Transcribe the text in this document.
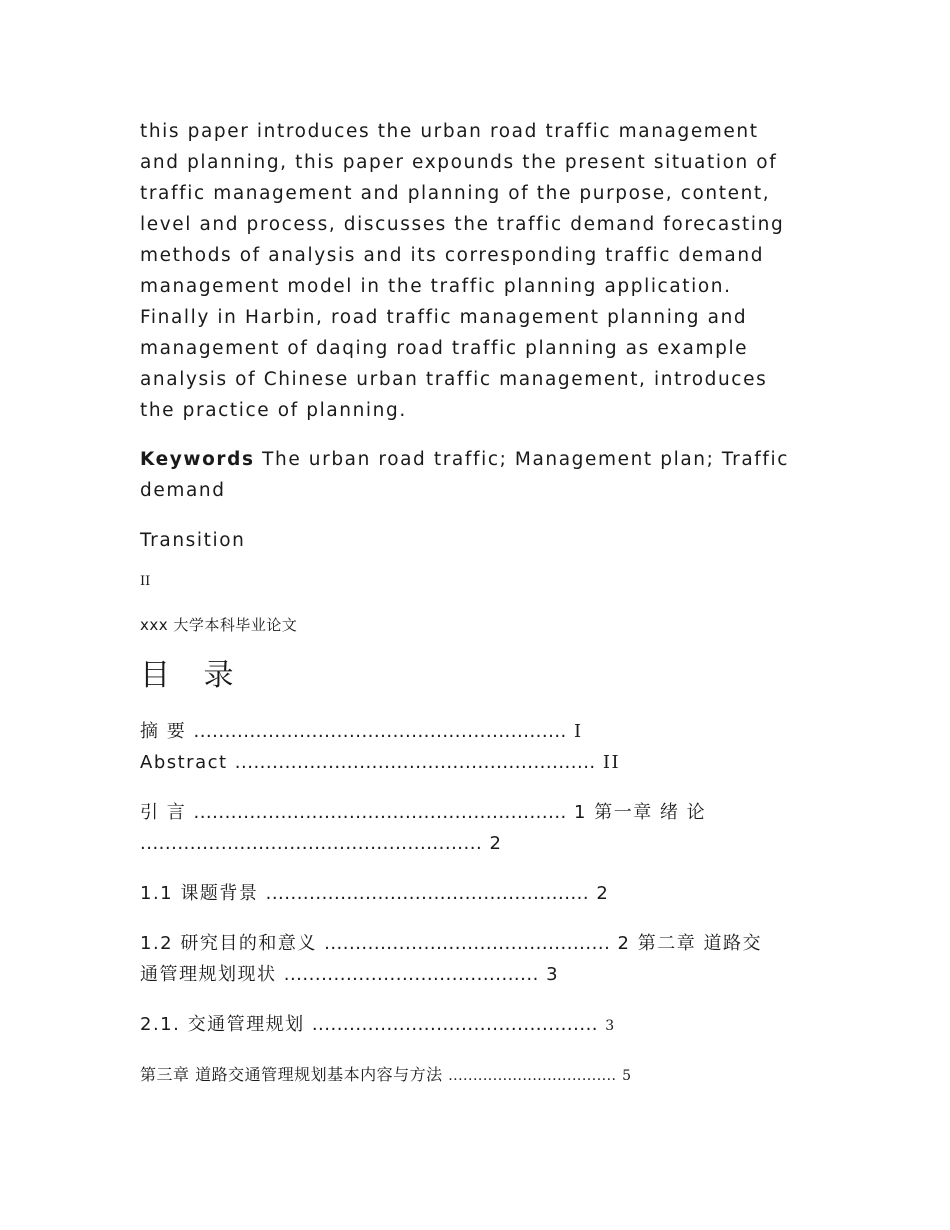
this paper introduces the urban road traffic management
and planning, this paper expounds the present situation of
traffic management and planning of the purpose, content,
level and process, discusses the traffic demand forecasting
methods of analysis and its corresponding traffic demand
management model in the traffic planning application.
Finally in Harbin, road traffic management planning and
management of daqing road traffic planning as example
analysis of Chinese urban traffic management, introduces
the practice of planning.

Keywords The urban road traffic; Management plan; Traffic demand

Transition

II

xxx 大学本科毕业论文

目 录

摘 要 ............................................................ I

Abstract .......................................................... II

引 言 ............................................................ 1 第一章 绪 论

....................................................... 2

1.1 课题背景 .................................................... 2

1.2 研究目的和意义 .............................................. 2 第二章 道路交

通管理规划现状 ......................................... 3

2.1. 交通管理规划 .............................................. 3

第三章 道路交通管理规划基本内容与方法 .................................. 5
